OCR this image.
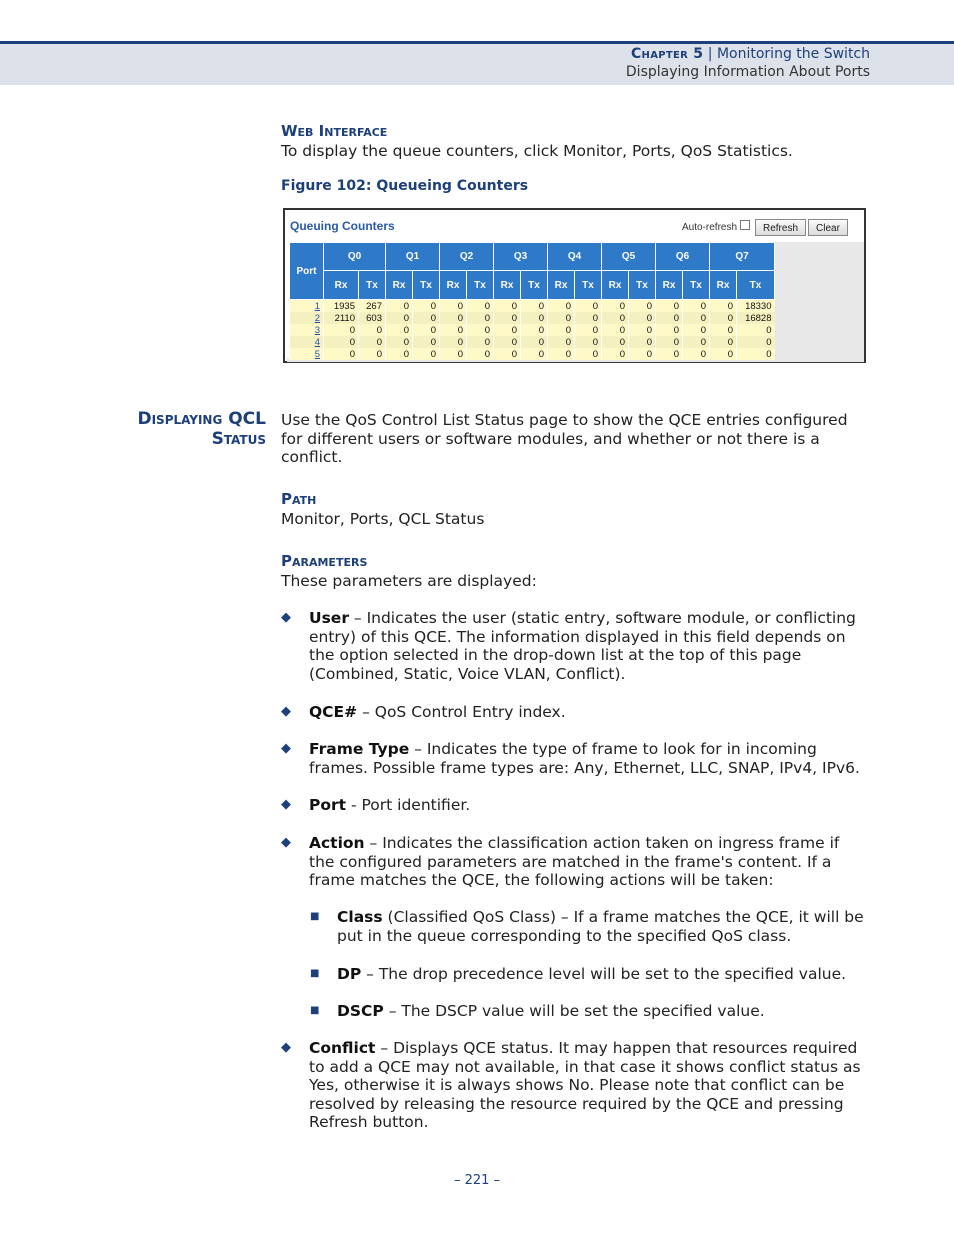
Chapter 5 | Monitoring the Switch
Displaying Information About Ports
Web Interface
To display the queue counters, click Monitor, Ports, QoS Statistics.
Figure 102: Queueing Counters
Queuing Counters	Auto-refresh	Refresh	Clear
Port	Q0		Q1		Q2		Q3		Q4		Q5		Q6		Q7	
	Rx	Tx	Rx	Tx	Rx	Tx	Rx	Tx	Rx	Tx	Rx	Tx	Rx	Tx	Rx	Tx
1	1935	267	0	0	0	0	0	0	0	0	0	0	0	0	0	18330
2	2110	603	0	0	0	0	0	0	0	0	0	0	0	0	0	16828
3	0	0	0	0	0	0	0	0	0	0	0	0	0	0	0	0
4	0	0	0	0	0	0	0	0	0	0	0	0	0	0	0	0
5	0	0	0	0	0	0	0	0	0	0	0	0	0	0	0	0
Displaying QCL
Status
Use the QoS Control List Status page to show the QCE entries configured for different users or software modules, and whether or not there is a conflict.
Path
Monitor, Ports, QCL Status
Parameters
These parameters are displayed:
◆ User – Indicates the user (static entry, software module, or conflicting entry) of this QCE. The information displayed in this field depends on the option selected in the drop-down list at the top of this page (Combined, Static, Voice VLAN, Conflict).
◆ QCE# – QoS Control Entry index.
◆ Frame Type – Indicates the type of frame to look for in incoming frames. Possible frame types are: Any, Ethernet, LLC, SNAP, IPv4, IPv6.
◆ Port - Port identifier.
◆ Action – Indicates the classification action taken on ingress frame if the configured parameters are matched in the frame's content. If a frame matches the QCE, the following actions will be taken:
■ Class (Classified QoS Class) – If a frame matches the QCE, it will be put in the queue corresponding to the specified QoS class.
■ DP – The drop precedence level will be set to the specified value.
■ DSCP – The DSCP value will be set the specified value.
◆ Conflict – Displays QCE status. It may happen that resources required to add a QCE may not available, in that case it shows conflict status as Yes, otherwise it is always shows No. Please note that conflict can be resolved by releasing the resource required by the QCE and pressing Refresh button.
– 221 –
